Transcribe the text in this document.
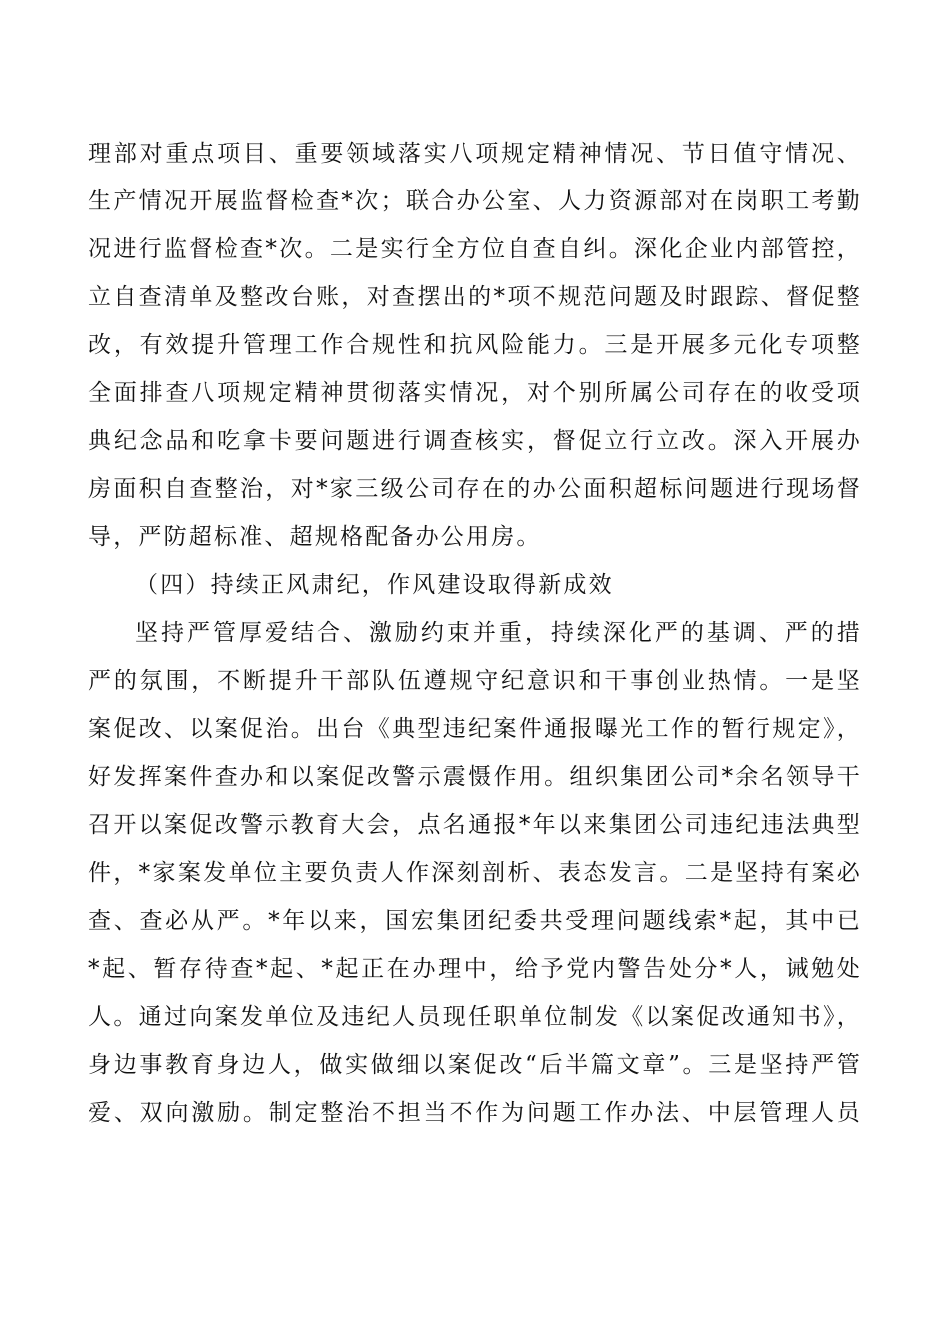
理部对重点项目、重要领域落实八项规定精神情况、节日值守情况、
生产情况开展监督检查*次；联合办公室、人力资源部对在岗职工考勤
况进行监督检查*次。二是实行全方位自查自纠。深化企业内部管控，
立自查清单及整改台账，对查摆出的*项不规范问题及时跟踪、督促整
改，有效提升管理工作合规性和抗风险能力。三是开展多元化专项整
全面排查八项规定精神贯彻落实情况，对个别所属公司存在的收受项
典纪念品和吃拿卡要问题进行调查核实，督促立行立改。深入开展办
房面积自查整治，对*家三级公司存在的办公面积超标问题进行现场督
导，严防超标准、超规格配备办公用房。
（四）持续正风肃纪，作风建设取得新成效
坚持严管厚爱结合、激励约束并重，持续深化严的基调、严的措
严的氛围，不断提升干部队伍遵规守纪意识和干事创业热情。一是坚
案促改、以案促治。出台《典型违纪案件通报曝光工作的暂行规定》，
好发挥案件查办和以案促改警示震慑作用。组织集团公司*余名领导干
召开以案促改警示教育大会，点名通报*年以来集团公司违纪违法典型
件，*家案发单位主要负责人作深刻剖析、表态发言。二是坚持有案必
查、查必从严。*年以来，国宏集团纪委共受理问题线索*起，其中已
*起、暂存待查*起、*起正在办理中，给予党内警告处分*人，诫勉处
人。通过向案发单位及违纪人员现任职单位制发《以案促改通知书》，
身边事教育身边人，做实做细以案促改“后半篇文章”。三是坚持严管
爱、双向激励。制定整治不担当不作为问题工作办法、中层管理人员
